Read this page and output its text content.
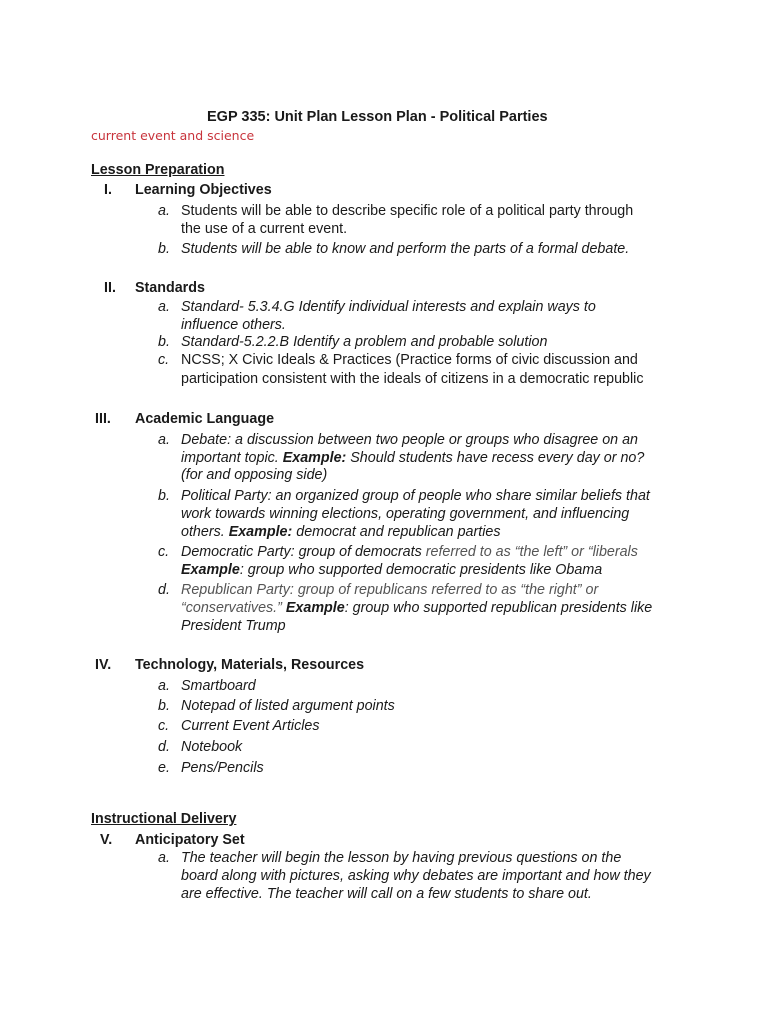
EGP 335: Unit Plan Lesson Plan - Political Parties
current event and science
Lesson Preparation
I. Learning Objectives
a. Students will be able to describe specific role of a political party through
the use of a current event.
b. Students will be able to know and perform the parts of a formal debate.
II. Standards
a. Standard- 5.3.4.G Identify individual interests and explain ways to
influence others.
b. Standard-5.2.2.B Identify a problem and probable solution
c. NCSS; X Civic Ideals & Practices (Practice forms of civic discussion and
participation consistent with the ideals of citizens in a democratic republic
III. Academic Language
a. Debate: a discussion between two people or groups who disagree on an
important topic. Example: Should students have recess every day or no?
(for and opposing side)
b. Political Party: an organized group of people who share similar beliefs that
work towards winning elections, operating government, and influencing
others. Example: democrat and republican parties
c. Democratic Party: group of democrats referred to as “the left” or “liberals
Example: group who supported democratic presidents like Obama
d. Republican Party: group of republicans referred to as “the right” or
“conservatives.” Example: group who supported republican presidents like
President Trump
IV. Technology, Materials, Resources
a. Smartboard
b. Notepad of listed argument points
c. Current Event Articles
d. Notebook
e. Pens/Pencils
Instructional Delivery
V. Anticipatory Set
a. The teacher will begin the lesson by having previous questions on the
board along with pictures, asking why debates are important and how they
are effective. The teacher will call on a few students to share out.
